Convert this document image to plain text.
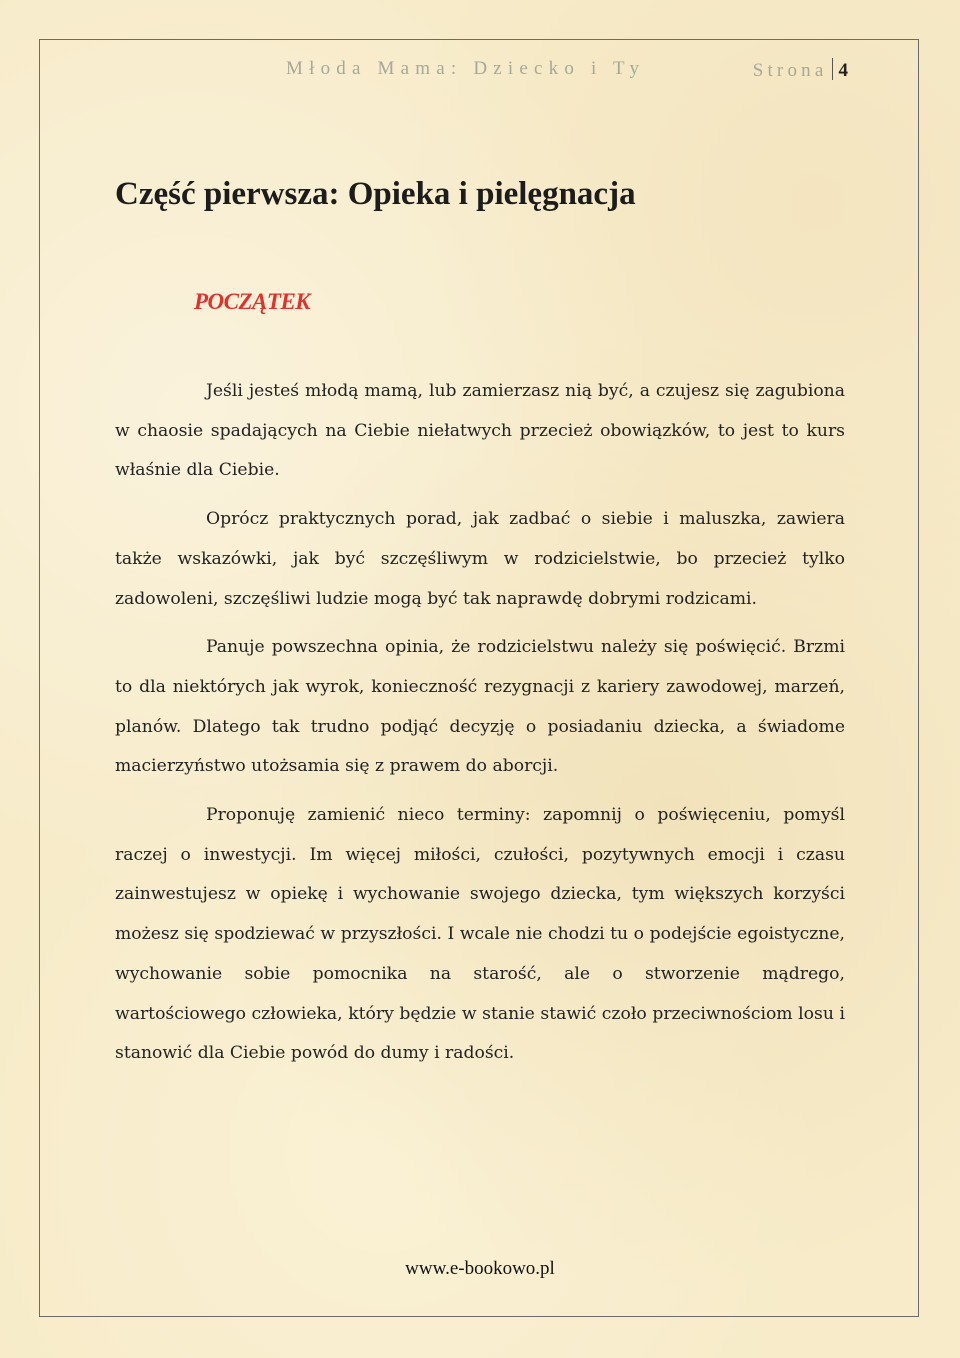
Młoda Mama: Dziecko i Ty	Strona 4
Część pierwsza: Opieka i pielęgnacja
POCZĄTEK

Jeśli jesteś młodą mamą, lub zamierzasz nią być, a czujesz się zagubiona w chaosie spadających na Ciebie niełatwych przecież obowiązków, to jest to kurs właśnie dla Ciebie.

Oprócz praktycznych porad, jak zadbać o siebie i maluszka, zawiera także wskazówki, jak być szczęśliwym w rodzicielstwie, bo przecież tylko zadowoleni, szczęśliwi ludzie mogą być tak naprawdę dobrymi rodzicami.

Panuje powszechna opinia, że rodzicielstwu należy się poświęcić. Brzmi to dla niektórych jak wyrok, konieczność rezygnacji z kariery zawodowej, marzeń, planów. Dlatego tak trudno podjąć decyzję o posiadaniu dziecka, a świadome macierzyństwo utożsamia się z prawem do aborcji.

Proponuję zamienić nieco terminy: zapomnij o poświęceniu, pomyśl raczej o inwestycji. Im więcej miłości, czułości, pozytywnych emocji i czasu zainwestujesz w opiekę i wychowanie swojego dziecka, tym większych korzyści możesz się spodziewać w przyszłości. I wcale nie chodzi tu o podejście egoistyczne, wychowanie sobie pomocnika na starość, ale o stworzenie mądrego, wartościowego człowieka, który będzie w stanie stawić czoło przeciwnościom losu i stanowić dla Ciebie powód do dumy i radości.

www.e-bookowo.pl
